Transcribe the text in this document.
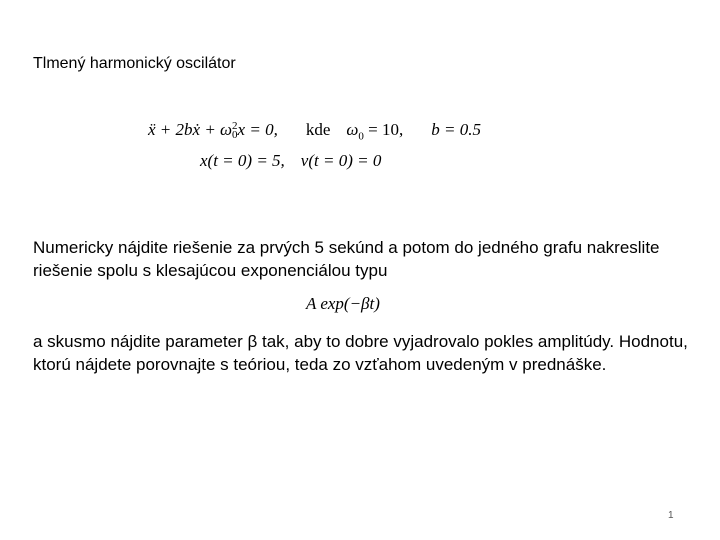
Tlmený harmonický oscilátor
ẍ + 2bẋ + ω2
0x = 0, kde $\omega_0 = 10$, b = 0.5
x(t = 0) = 5, v(t = 0) = 0
Numericky nájdite riešenie za prvých 5 sekúnd a potom do jedného grafu nakreslite riešenie spolu s klesajúcou exponenciálou typu
A exp(−βt)
a skusmo nájdite parameter β tak, aby to dobre vyjadrovalo pokles amplitúdy. Hodnotu, ktorú nájdete porovnajte s teóriou, teda zo vzťahom uvedeným v prednáške.
1
